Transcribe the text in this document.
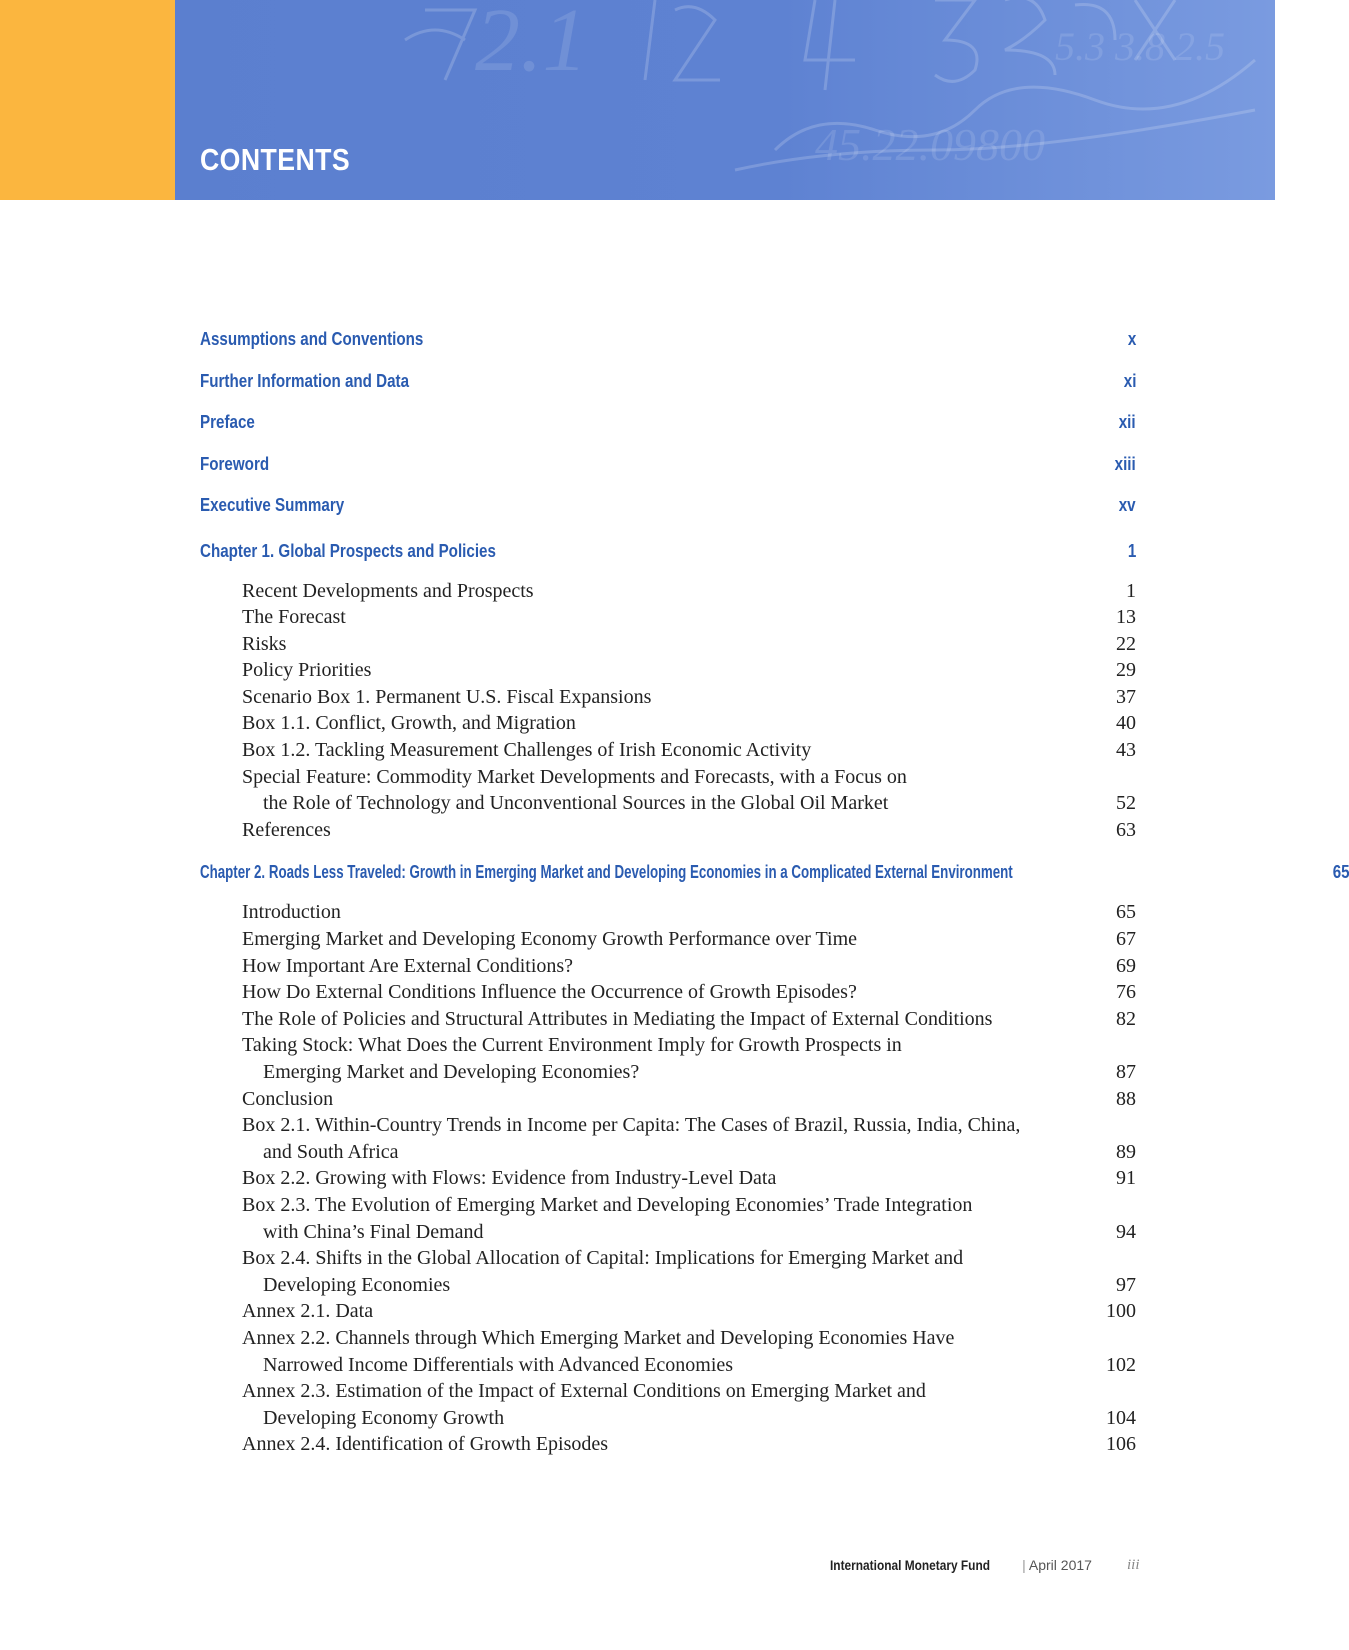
45.22.09800
5.3 3.8 2.5
2.1
CONTENTS
Assumptions and Conventions	x
Further Information and Data	xi
Preface	xii
Foreword	xiii
Executive Summary	xv
Chapter 1. Global Prospects and Policies	1
Recent Developments and Prospects	1
The Forecast	13
Risks	22
Policy Priorities	29
Scenario Box 1. Permanent U.S. Fiscal Expansions	37
Box 1.1. Conflict, Growth, and Migration	40
Box 1.2. Tackling Measurement Challenges of Irish Economic Activity	43
Special Feature: Commodity Market Developments and Forecasts, with a Focus on
the Role of Technology and Unconventional Sources in the Global Oil Market	52
References	63
Chapter 2. Roads Less Traveled: Growth in Emerging Market and Developing Economies in a Complicated External Environment	65
Introduction	65
Emerging Market and Developing Economy Growth Performance over Time	67
How Important Are External Conditions?	69
How Do External Conditions Influence the Occurrence of Growth Episodes?	76
The Role of Policies and Structural Attributes in Mediating the Impact of External Conditions	82
Taking Stock: What Does the Current Environment Imply for Growth Prospects in
Emerging Market and Developing Economies?	87
Conclusion	88
Box 2.1. Within-Country Trends in Income per Capita: The Cases of Brazil, Russia, India, China,
and South Africa	89
Box 2.2. Growing with Flows: Evidence from Industry-Level Data	91
Box 2.3. The Evolution of Emerging Market and Developing Economies’ Trade Integration
with China’s Final Demand	94
Box 2.4. Shifts in the Global Allocation of Capital: Implications for Emerging Market and
Developing Economies	97
Annex 2.1. Data	100
Annex 2.2. Channels through Which Emerging Market and Developing Economies Have
Narrowed Income Differentials with Advanced Economies	102
Annex 2.3. Estimation of the Impact of External Conditions on Emerging Market and
Developing Economy Growth	104
Annex 2.4. Identification of Growth Episodes	106
International Monetary Fund | April 2017	iii
